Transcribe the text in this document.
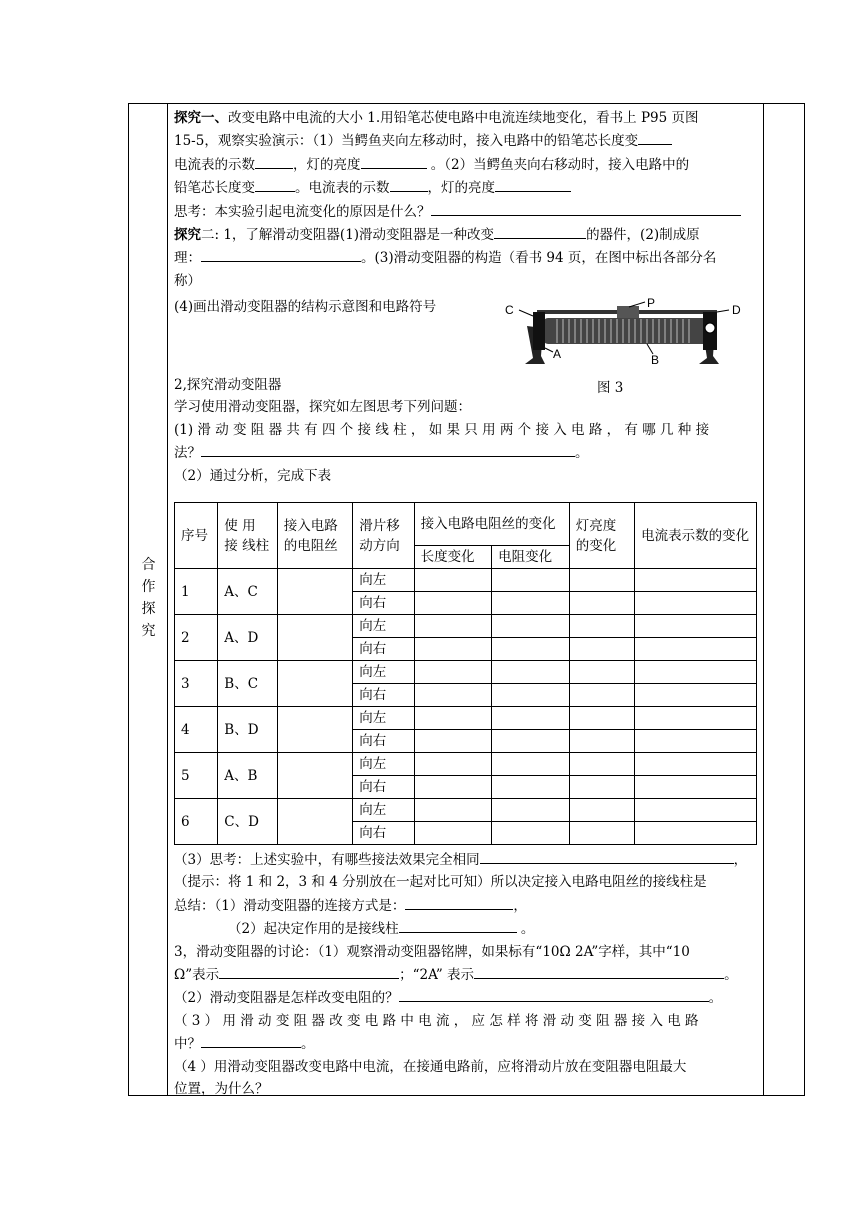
合
作
探
究

探究一、改变电路中电流的大小 1.用铅笔芯使电路中电流连续地变化，看书上 P95 页图

15-5，观察实验演示：（1）当鳄鱼夹向左移动时，接入电路中的铅笔芯长度变

电流表的示数	，灯的亮度	。（2）当鳄鱼夹向右移动时，接入电路中的

铅笔芯长度变	。电流表的示数	，灯的亮度

思考：本实验引起电流变化的原因是什么？

探究二: 1，了解滑动变阻器(1)滑动变阻器是一种改变	的器件，(2)制成原

理：	。(3)滑动变阻器的构造（看书 94 页，在图中标出各部分名

称）

(4)画出滑动变阻器的结构示意图和电路符号	C	P	D
A	B
图 3

2,探究滑动变阻器

学习使用滑动变阻器，探究如左图思考下列问题：

(1) 滑 动 变 阻 器 共 有 四 个 接 线 柱 ， 如 果 只 用 两 个 接 入 电 路 ， 有 哪 几 种 接

法？	。

（2）通过分析，完成下表

序号	使 用 接 线柱	接入电路的电阻丝	滑片移动方向	接入电路电阻丝的变化		灯亮度的变化	电流表示数的变化
				长度变化	电阻变化		
1	A、C		向左				
			向右				
2	A、D		向左				
			向右				
3	B、C		向左				
			向右				
4	B、D		向左				
			向右				
5	A、B		向左				
			向右				
6	C、D		向左				
			向右				

（3）思考：上述实验中，有哪些接法效果完全相同	，

（提示：将 1 和 2，3 和 4 分别放在一起对比可知）所以决定接入电路电阻丝的接线柱是

总结：（1）滑动变阻器的连接方式是：	，

（2）起决定作用的是接线柱	。

3，滑动变阻器的讨论：（1）观察滑动变阻器铭牌，如果标有“10Ω 2A”字样，其中“10

Ω”表示	；“2A” 表示	。

（2）滑动变阻器是怎样改变电阻的？	。

（ 3 ） 用 滑 动 变 阻 器 改 变 电 路 中 电 流 ， 应 怎 样 将 滑 动 变 阻 器 接 入 电 路

中？	。

（4 ）用滑动变阻器改变电路中电流，在接通电路前，应将滑动片放在变阻器电阻最大

位置，为什么？
